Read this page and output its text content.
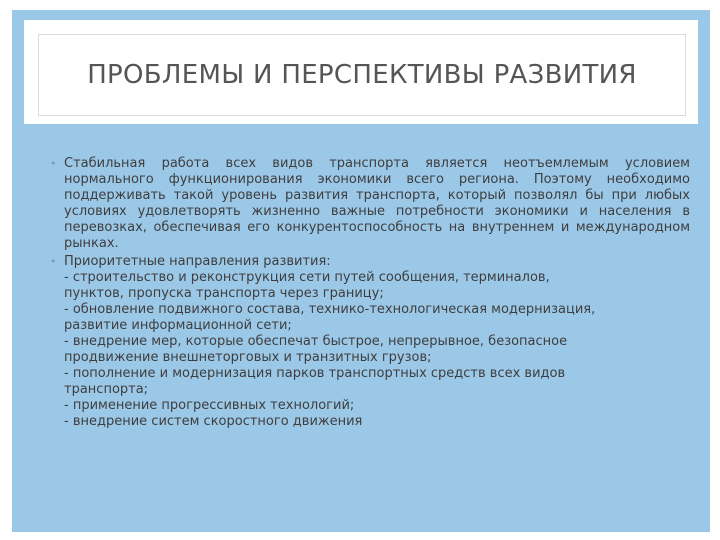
ПРОБЛЕМЫ И ПЕРСПЕКТИВЫ РАЗВИТИЯ
• Стабильная работа всех видов транспорта является неотъемлемым условием нормального функционирования экономики всего региона. Поэтому необходимо поддерживать такой уровень развития транспорта, который позволял бы при любых условиях удовлетворять жизненно важные потребности экономики и населения в перевозках, обеспечивая его конкурентоспособность на внутреннем и международном рынках.
• Приоритетные направления развития:
- строительство и реконструкция сети путей сообщения, терминалов,
пунктов, пропуска транспорта через границу;
- обновление подвижного состава, технико-технологическая модернизация,
развитие информационной сети;
- внедрение мер, которые обеспечат быстрое, непрерывное, безопасное
продвижение внешнеторговых и транзитных грузов;
- пополнение и модернизация парков транспортных средств всех видов
транспорта;
- применение прогрессивных технологий;
- внедрение систем скоростного движения
